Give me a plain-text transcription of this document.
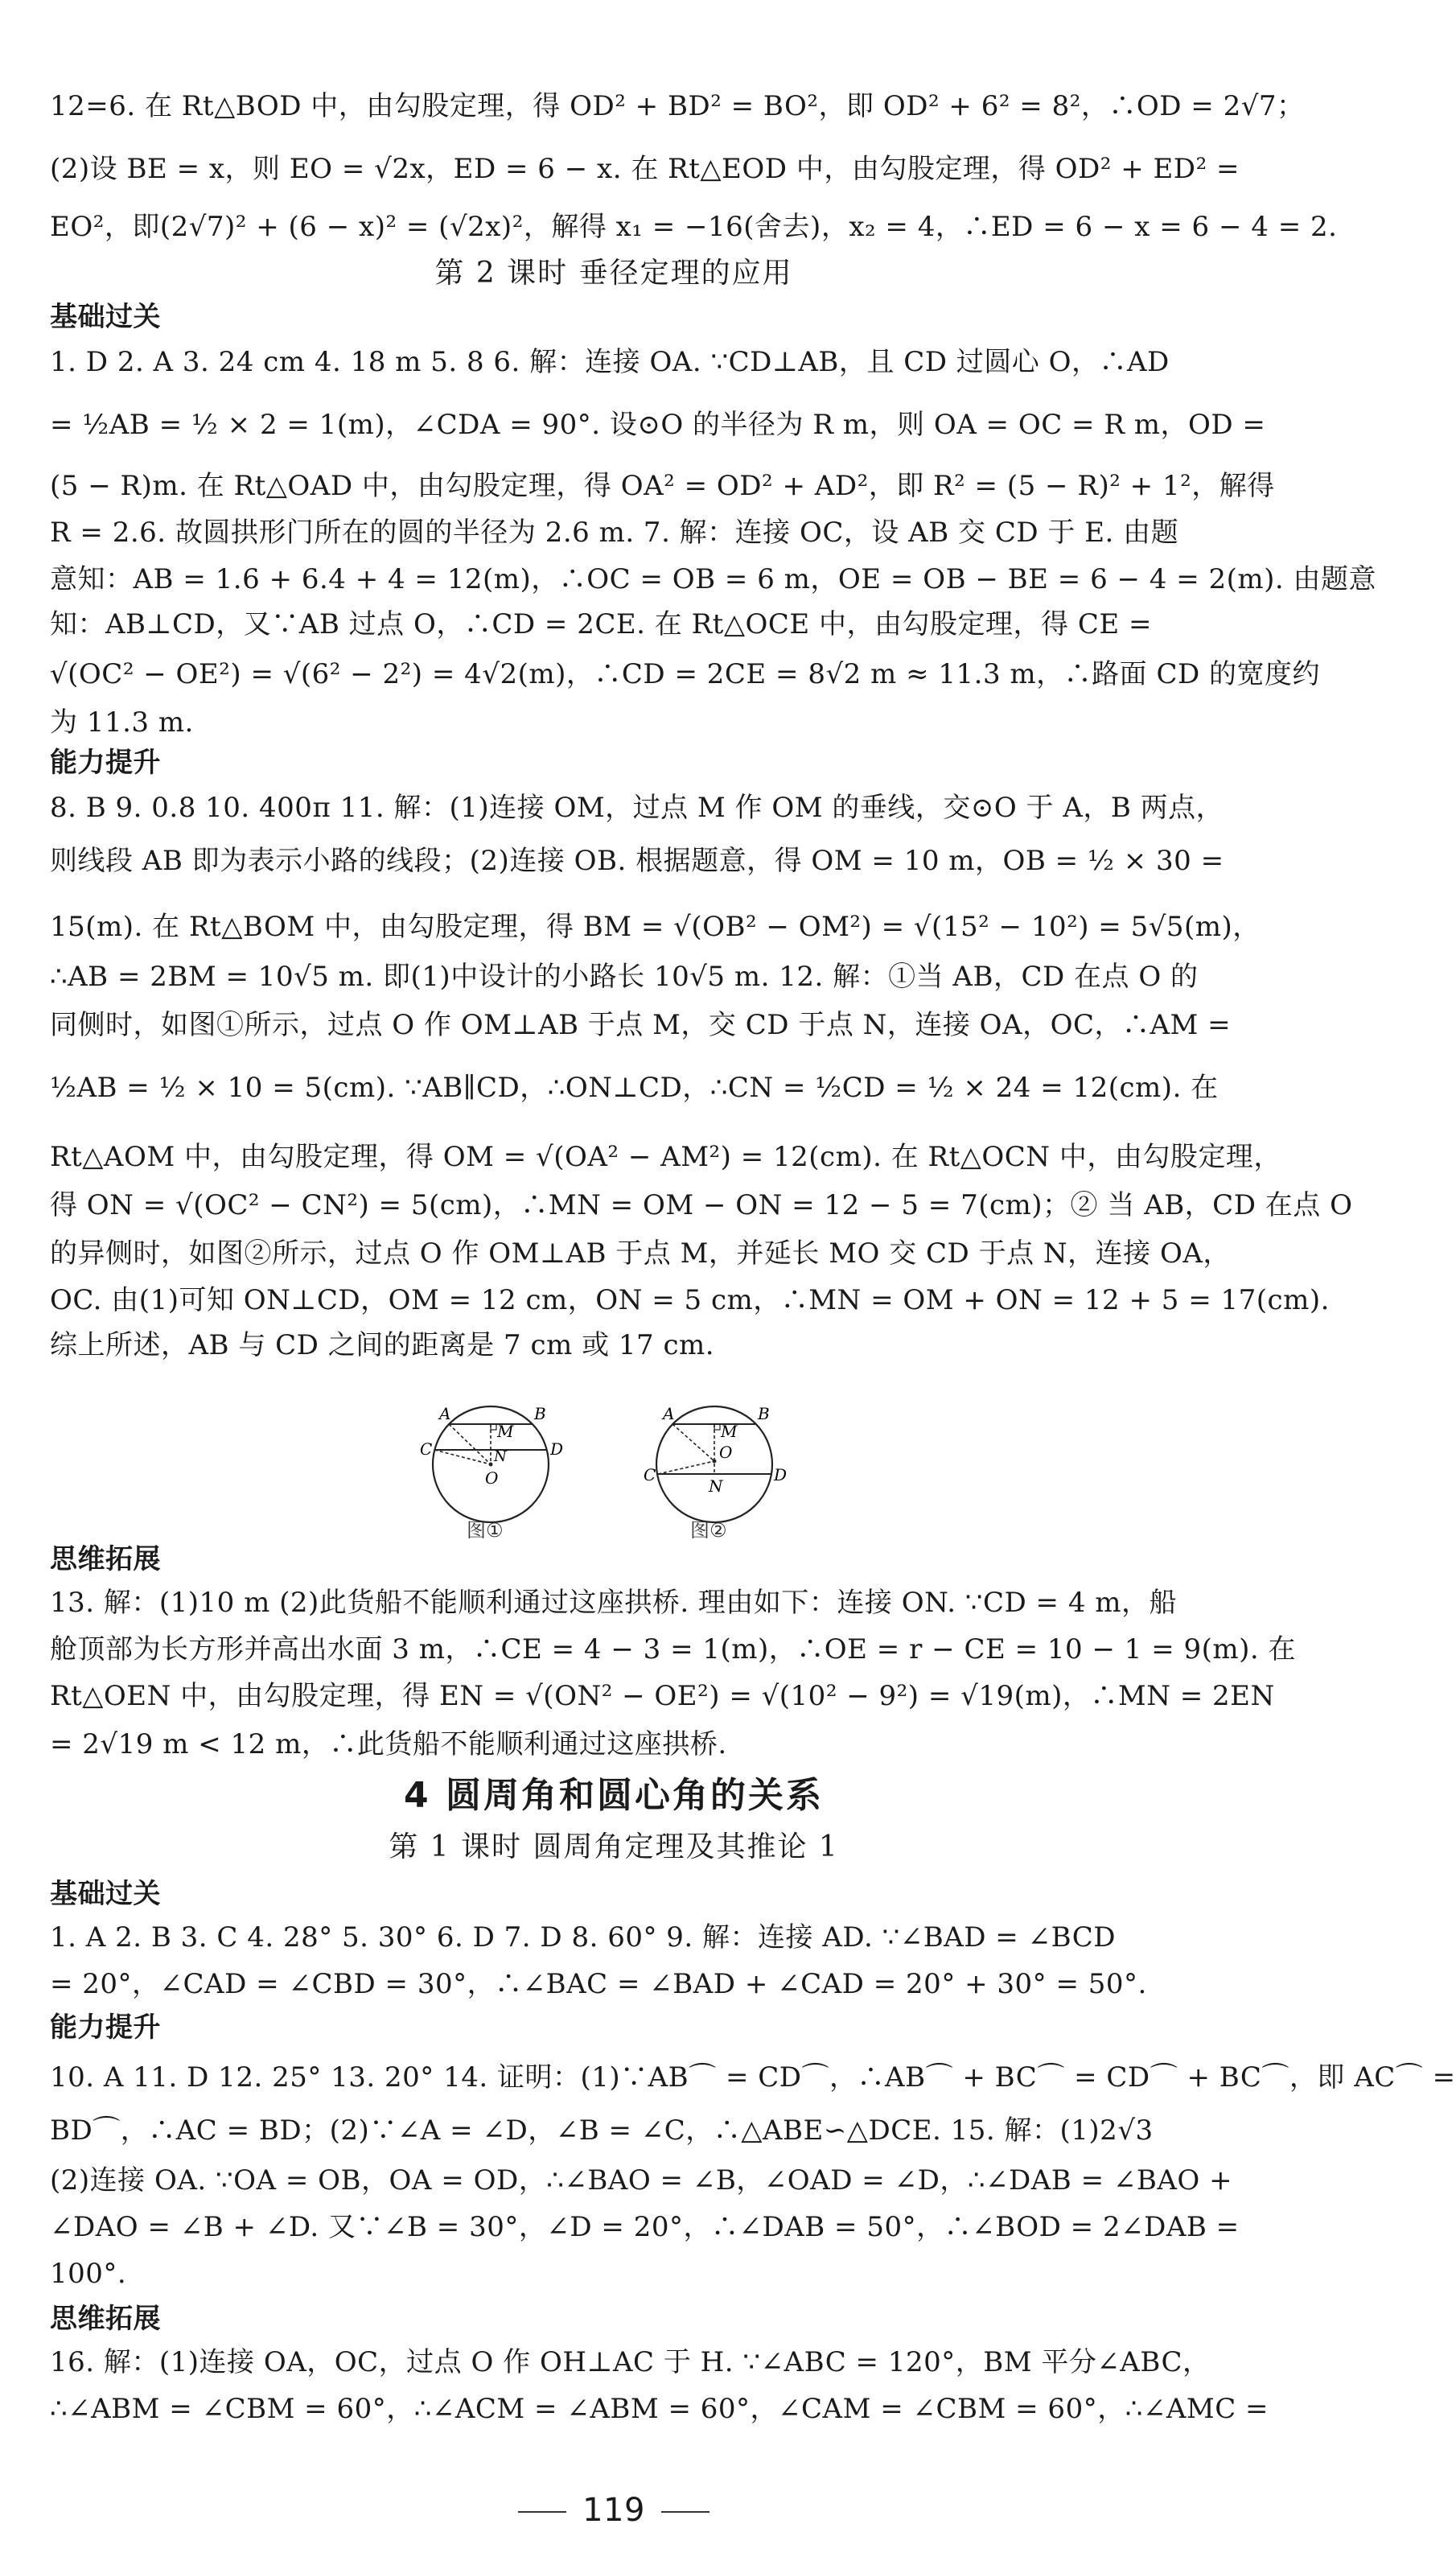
12=6. 在 Rt△BOD 中，由勾股定理，得 OD² + BD² = BO²，即 OD² + 6² = 8²，∴OD = 2√7；
(2)设 BE = x，则 EO = √2x，ED = 6 − x. 在 Rt△EOD 中，由勾股定理，得 OD² + ED² =
EO²，即(2√7)² + (6 − x)² = (√2x)²，解得 x₁ = −16(舍去)，x₂ = 4，∴ED = 6 − x = 6 − 4 = 2.
第 2 课时 垂径定理的应用
基础过关
1. D 2. A 3. 24 cm 4. 18 m 5. 8 6. 解：连接 OA. ∵CD⊥AB，且 CD 过圆心 O，∴AD
= ½AB = ½ × 2 = 1(m)，∠CDA = 90°. 设⊙O 的半径为 R m，则 OA = OC = R m，OD =
(5 − R)m. 在 Rt△OAD 中，由勾股定理，得 OA² = OD² + AD²，即 R² = (5 − R)² + 1²，解得
R = 2.6. 故圆拱形门所在的圆的半径为 2.6 m. 7. 解：连接 OC，设 AB 交 CD 于 E. 由题
意知：AB = 1.6 + 6.4 + 4 = 12(m)，∴OC = OB = 6 m，OE = OB − BE = 6 − 4 = 2(m). 由题意
知：AB⊥CD，又∵AB 过点 O，∴CD = 2CE. 在 Rt△OCE 中，由勾股定理，得 CE =
√(OC² − OE²) = √(6² − 2²) = 4√2(m)，∴CD = 2CE = 8√2 m ≈ 11.3 m，∴路面 CD 的宽度约
为 11.3 m.
能力提升
8. B 9. 0.8 10. 400π 11. 解：(1)连接 OM，过点 M 作 OM 的垂线，交⊙O 于 A，B 两点，
则线段 AB 即为表示小路的线段；(2)连接 OB. 根据题意，得 OM = 10 m，OB = ½ × 30 =
15(m). 在 Rt△BOM 中，由勾股定理，得 BM = √(OB² − OM²) = √(15² − 10²) = 5√5(m)，
∴AB = 2BM = 10√5 m. 即(1)中设计的小路长 10√5 m. 12. 解：①当 AB，CD 在点 O 的
同侧时，如图①所示，过点 O 作 OM⊥AB 于点 M，交 CD 于点 N，连接 OA，OC，∴AM =
½AB = ½ × 10 = 5(cm). ∵AB∥CD，∴ON⊥CD，∴CN = ½CD = ½ × 24 = 12(cm). 在
Rt△AOM 中，由勾股定理，得 OM = √(OA² − AM²) = 12(cm). 在 Rt△OCN 中，由勾股定理，
得 ON = √(OC² − CN²) = 5(cm)，∴MN = OM − ON = 12 − 5 = 7(cm)；② 当 AB，CD 在点 O
的异侧时，如图②所示，过点 O 作 OM⊥AB 于点 M，并延长 MO 交 CD 于点 N，连接 OA，
OC. 由(1)可知 ON⊥CD，OM = 12 cm，ON = 5 cm，∴MN = OM + ON = 12 + 5 = 17(cm).
综上所述，AB 与 CD 之间的距离是 7 cm 或 17 cm.
思维拓展
13. 解：(1)10 m (2)此货船不能顺利通过这座拱桥. 理由如下：连接 ON. ∵CD = 4 m，船
舱顶部为长方形并高出水面 3 m，∴CE = 4 − 3 = 1(m)，∴OE = r − CE = 10 − 1 = 9(m). 在
Rt△OEN 中，由勾股定理，得 EN = √(ON² − OE²) = √(10² − 9²) = √19(m)，∴MN = 2EN
= 2√19 m < 12 m，∴此货船不能顺利通过这座拱桥.
4 圆周角和圆心角的关系
第 1 课时 圆周角定理及其推论 1
基础过关
1. A 2. B 3. C 4. 28° 5. 30° 6. D 7. D 8. 60° 9. 解：连接 AD. ∵∠BAD = ∠BCD
= 20°，∠CAD = ∠CBD = 30°，∴∠BAC = ∠BAD + ∠CAD = 20° + 30° = 50°.
能力提升
10. A 11. D 12. 25° 13. 20° 14. 证明：(1)∵AB⌒ = CD⌒，∴AB⌒ + BC⌒ = CD⌒ + BC⌒，即 AC⌒ =
BD⌒，∴AC = BD；(2)∵∠A = ∠D，∠B = ∠C，∴△ABE∽△DCE. 15. 解：(1)2√3
(2)连接 OA. ∵OA = OB，OA = OD，∴∠BAO = ∠B，∠OAD = ∠D，∴∠DAB = ∠BAO +
∠DAO = ∠B + ∠D. 又∵∠B = 30°，∠D = 20°，∴∠DAB = 50°，∴∠BOD = 2∠DAB =
100°.
思维拓展
16. 解：(1)连接 OA，OC，过点 O 作 OH⊥AC 于 H. ∵∠ABC = 120°，BM 平分∠ABC，
∴∠ABM = ∠CBM = 60°，∴∠ACM = ∠ABM = 60°，∠CAM = ∠CBM = 60°，∴∠AMC =
A	B
C	D
M
N
O
图①
A	B
C	D
M
O
N
图②
119
